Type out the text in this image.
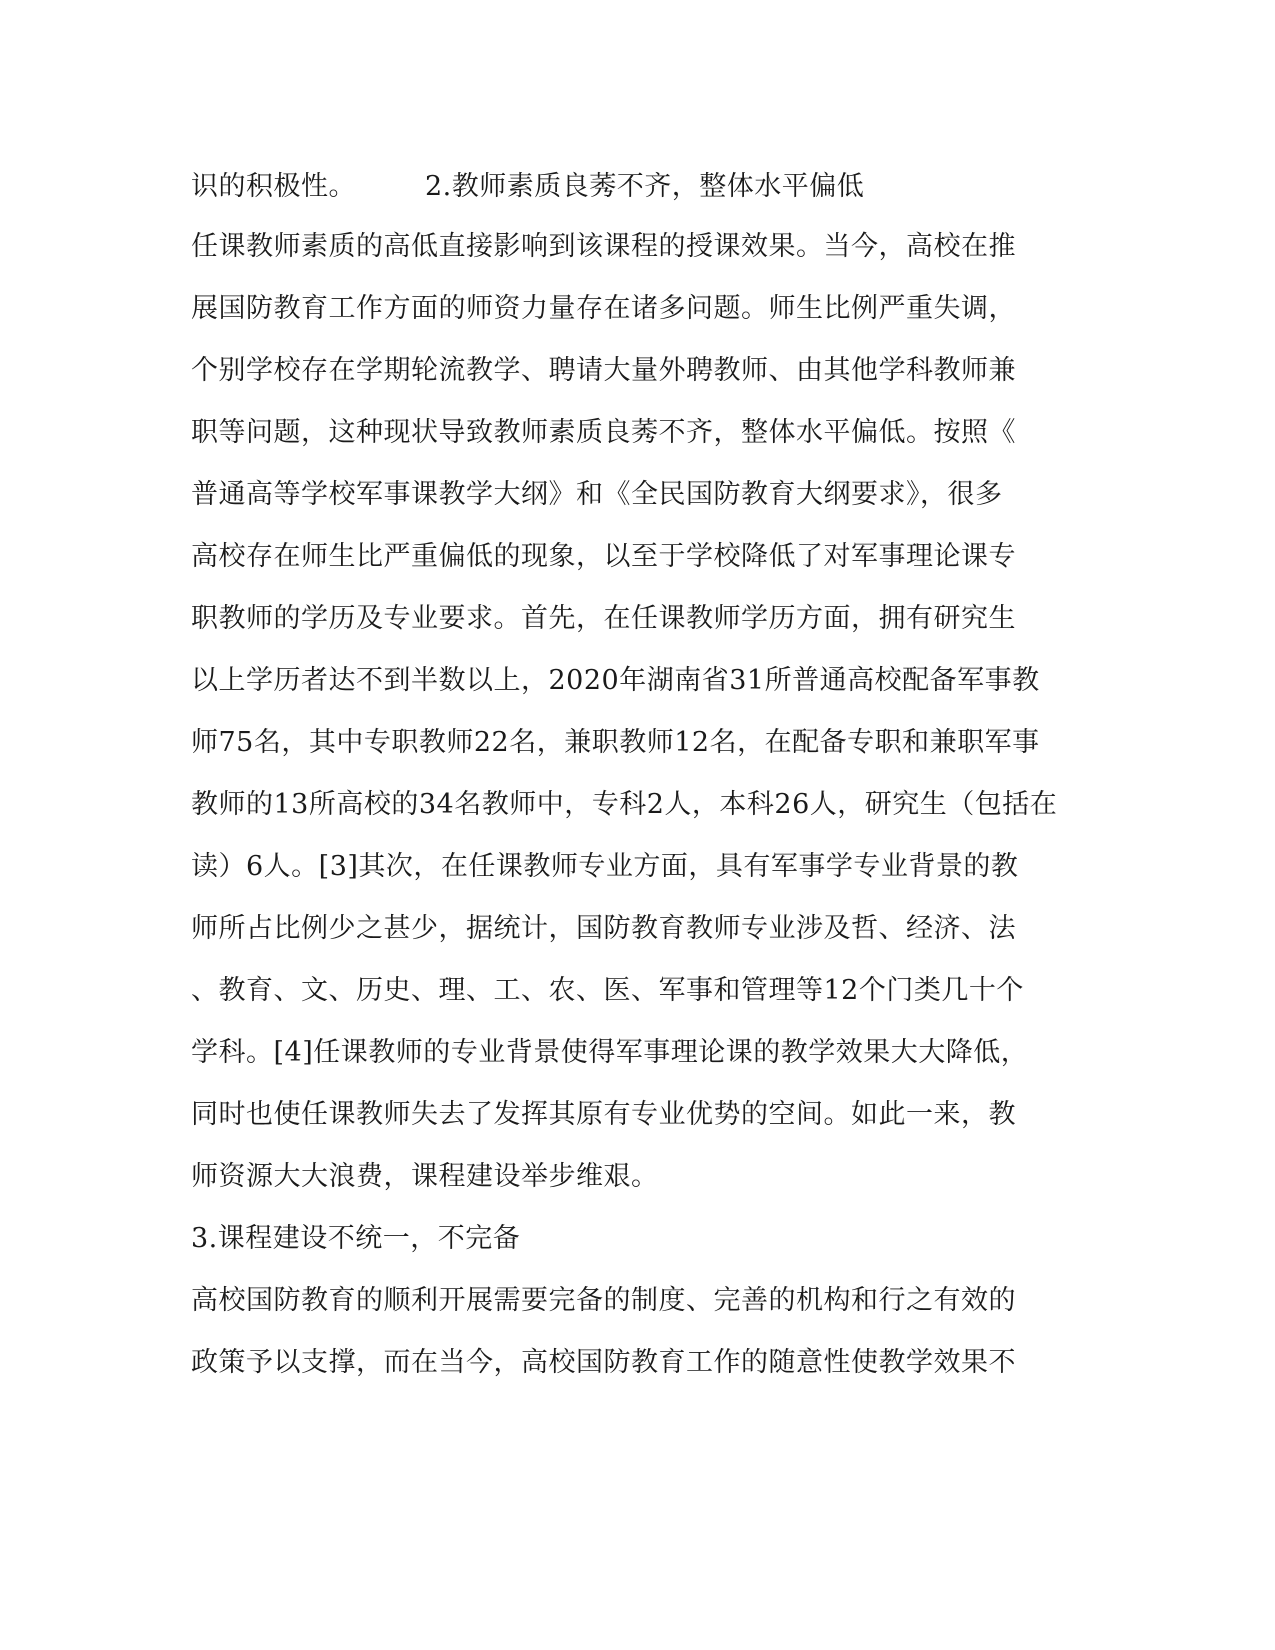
识的积极性。　　　2.教师素质良莠不齐，整体水平偏低
任课教师素质的高低直接影响到该课程的授课效果。当今，高校在推
展国防教育工作方面的师资力量存在诸多问题。师生比例严重失调，
个别学校存在学期轮流教学、聘请大量外聘教师、由其他学科教师兼
职等问题，这种现状导致教师素质良莠不齐，整体水平偏低。按照《
普通高等学校军事课教学大纲》和《全民国防教育大纲要求》，很多
高校存在师生比严重偏低的现象，以至于学校降低了对军事理论课专
职教师的学历及专业要求。首先，在任课教师学历方面，拥有研究生
以上学历者达不到半数以上，2020年湖南省31所普通高校配备军事教
师75名，其中专职教师22名，兼职教师12名，在配备专职和兼职军事
教师的13所高校的34名教师中，专科2人，本科26人，研究生（包括在
读）6人。[3]其次，在任课教师专业方面，具有军事学专业背景的教
师所占比例少之甚少，据统计，国防教育教师专业涉及哲、经济、法
、教育、文、历史、理、工、农、医、军事和管理等12个门类几十个
学科。[4]任课教师的专业背景使得军事理论课的教学效果大大降低，
同时也使任课教师失去了发挥其原有专业优势的空间。如此一来，教
师资源大大浪费，课程建设举步维艰。
3.课程建设不统一，不完备
高校国防教育的顺利开展需要完备的制度、完善的机构和行之有效的
政策予以支撑，而在当今，高校国防教育工作的随意性使教学效果不
